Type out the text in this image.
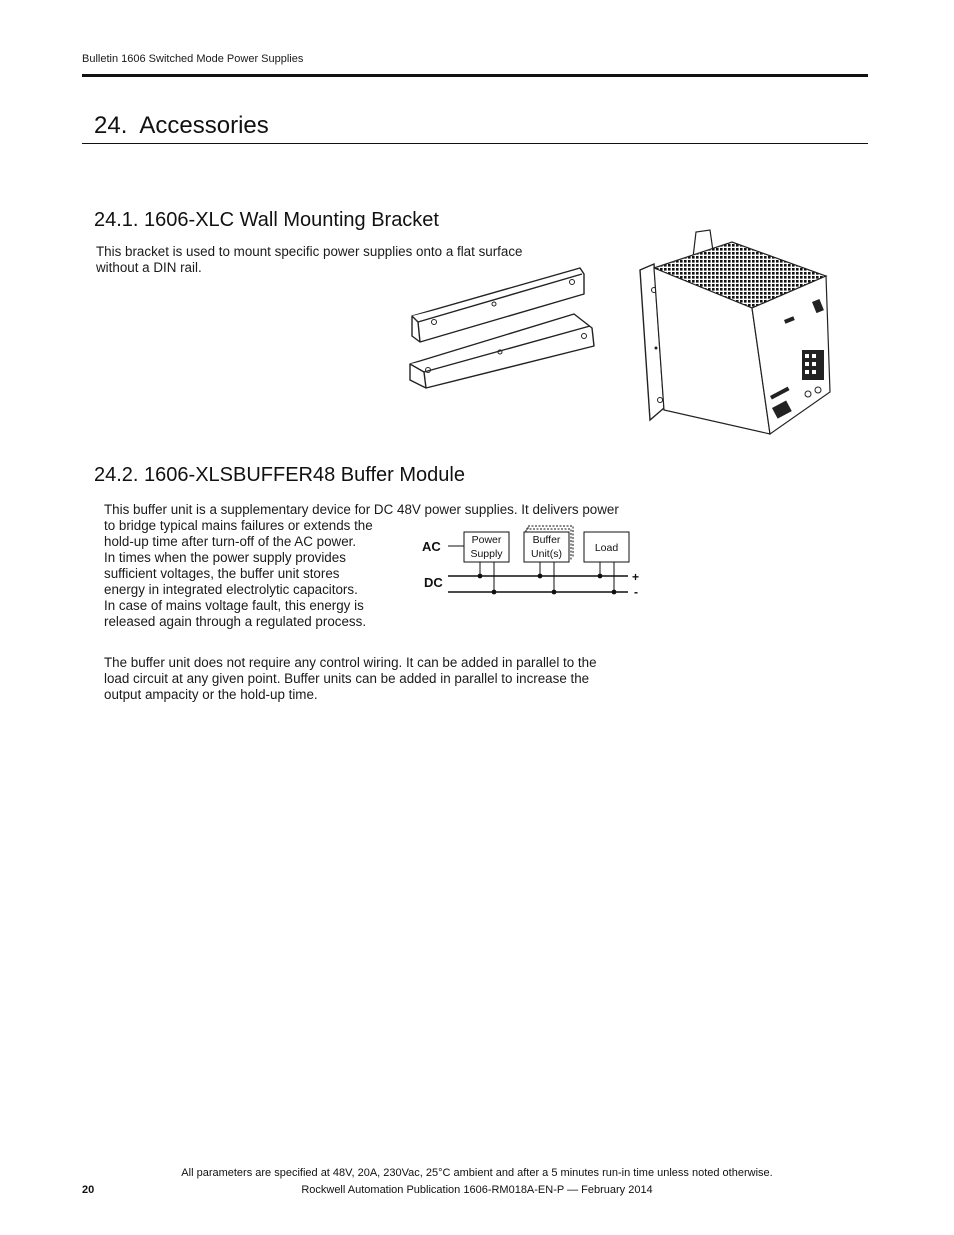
Bulletin 1606 Switched Mode Power Supplies
24.  Accessories
24.1. 1606-XLC Wall Mounting Bracket
This bracket is used to mount specific power supplies onto a flat surface
without a DIN rail.
24.2. 1606-XLSBUFFER48 Buffer Module
This buffer unit is a supplementary device for DC 48V power supplies. It delivers power
to bridge typical mains failures or extends the
hold-up time after turn-off of the AC power.
In times when the power supply provides
sufficient voltages, the buffer unit stores
energy in integrated electrolytic capacitors.
In case of mains voltage fault, this energy is
released again through a regulated process.
AC	Power
Supply
Buffer
Unit(s)	Load
DC	+
-
The buffer unit does not require any control wiring. It can be added in parallel to the
load circuit at any given point. Buffer units can be added in parallel to increase the
output ampacity or the hold-up time.
All parameters are specified at 48V, 20A, 230Vac, 25°C ambient and after a 5 minutes run-in time unless noted otherwise.
20	Rockwell Automation Publication 1606-RM018A-EN-P — February 2014
